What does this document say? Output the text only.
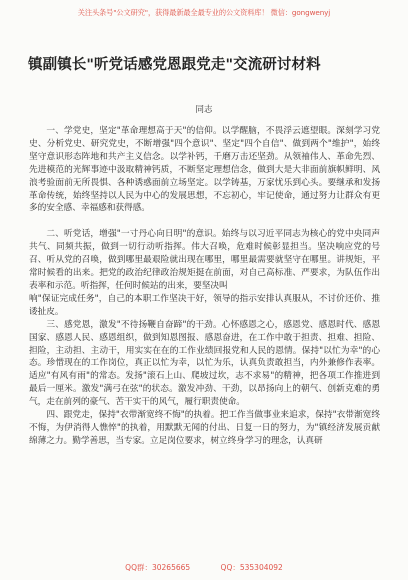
关注头条号"公文研究"，获得最新最全最专业的公文资料库！ 微信：gongwenyj
镇副镇长"听党话感党恩跟党走"交流研讨材料
同志

一、学党史，坚定"革命理想高于天"的信仰。以学醒脑，不畏浮云遮望眼。深刻学习党史、分析党史、研究党史，不断增强"四个意识"、坚定"四个自信"、做到两个"维护"，始终坚守意识形态阵地和共产主义信念。以学补钙，千磨万击还坚劲。从领袖伟人、革命先烈、先进模范的光辉事迹中汲取精神钙质，不断坚定理想信念，做到大是大非面前旗帜鲜明、风浪考验面前无所畏惧、各种诱惑面前立场坚定。以学铸基，万家忧乐到心头。要继承和发扬革命传统，始终坚持以人民为中心的发展思想，不忘初心，牢记使命，通过努力让群众有更多的安全感、幸福感和获得感。

二、听党话，增强"一寸丹心向日明"的意识。始终与以习近平同志为核心的党中央同声共气、同频共振，做到一切行动听指挥。伟大召唤，危难时候彰显担当。坚决响应党的号召、听从党的召唤，做到哪里最艰险就出现在哪里，哪里最需要就坚守在哪里。讲规矩，平常时候看的出来。把党的政治纪律政治规矩挺在前面，对自己高标准、严要求，为队伍作出表率和示范。听指挥，任何时候站的出来，要坚决叫

响"保证完成任务"，自己的本职工作坚决干好，领导的指示安排认真服从，不讨价还价、推诿扯皮。

三、感党恩，激发"不待扬鞭自奋蹄"的干劲。心怀感恩之心，感恩党、感恩时代、感恩国家、感恩人民、感恩组织，做到知恩图报、感恩奋进，在工作中敢于担责、担难、担险、担险，主动担、主动干，用实实在在的工作业绩回报党和人民的恩情。保持"以忙为幸"的心态。珍惜现在的工作岗位，真正以忙为幸，以忙为乐，认真负责敢担当，内外兼修作表率。适应"有风有雨"的常态。发扬"滚石上山、爬坡过坎，志不求易"的精神，把各项工作推进到最后一厘米。激发"满弓在弦"的状态。激发冲劲、干劲，以昂扬向上的朝气、创新克难的勇气，走在前列的豪气、苦干实干的风气，履行职责使命。

四、跟党走，保持"衣带渐宽终不悔"的执着。把工作当做事业来追求，保持"衣带渐宽终不悔，为伊消得人憔悴"的执着，用默默无闻的付出、日复一日的努力，为"镇经济发展贡献绵薄之力。勤学善思，当专家。立足岗位要求，树立终身学习的理念，认真研

QQ群：30265665	QQ：535304092
